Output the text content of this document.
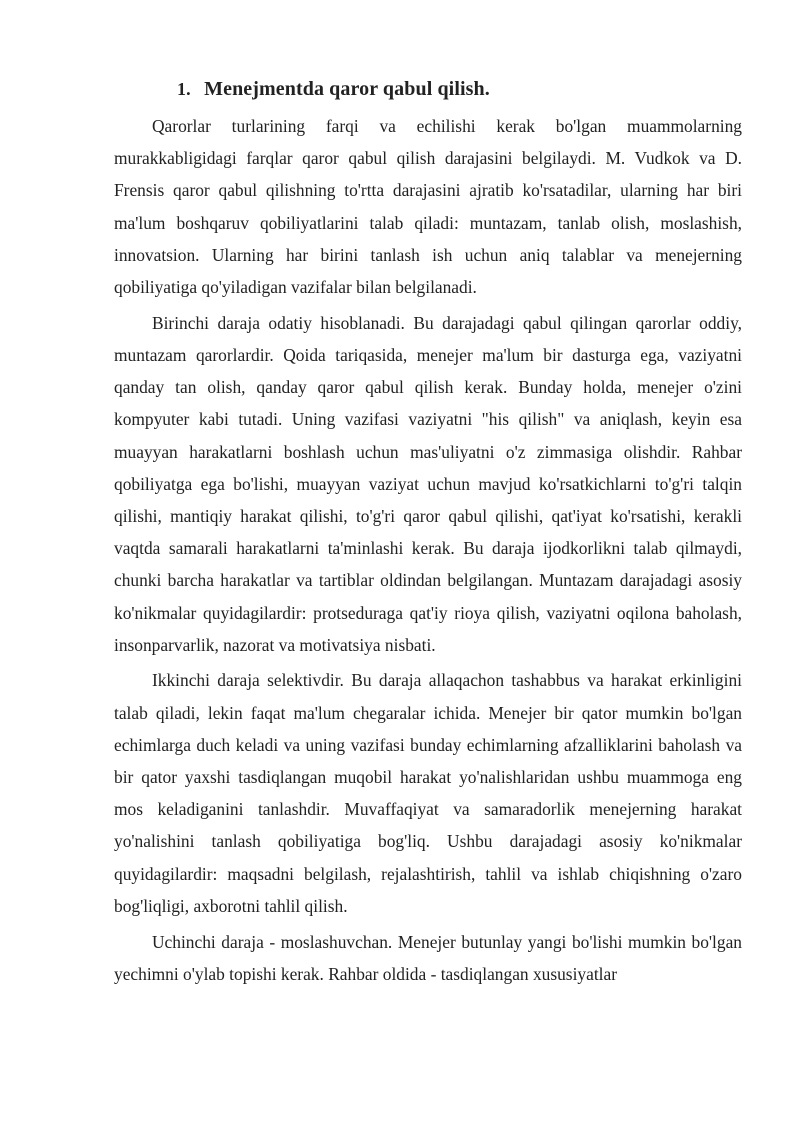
1. Menejmentda qaror qabul qilish.

Qarorlar turlarining farqi va echilishi kerak bo'lgan muammolarning murakkabligidagi farqlar qaror qabul qilish darajasini belgilaydi. M. Vudkok va D. Frensis qaror qabul qilishning to'rtta darajasini ajratib ko'rsatadilar, ularning har biri ma'lum boshqaruv qobiliyatlarini talab qiladi: muntazam, tanlab olish, moslashish, innovatsion. Ularning har birini tanlash ish uchun aniq talablar va menejerning qobiliyatiga qo'yiladigan vazifalar bilan belgilanadi.

Birinchi daraja odatiy hisoblanadi. Bu darajadagi qabul qilingan qarorlar oddiy, muntazam qarorlardir. Qoida tariqasida, menejer ma'lum bir dasturga ega, vaziyatni qanday tan olish, qanday qaror qabul qilish kerak. Bunday holda, menejer o'zini kompyuter kabi tutadi. Uning vazifasi vaziyatni "his qilish" va aniqlash, keyin esa muayyan harakatlarni boshlash uchun mas'uliyatni o'z zimmasiga olishdir. Rahbar qobiliyatga ega bo'lishi, muayyan vaziyat uchun mavjud ko'rsatkichlarni to'g'ri talqin qilishi, mantiqiy harakat qilishi, to'g'ri qaror qabul qilishi, qat'iyat ko'rsatishi, kerakli vaqtda samarali harakatlarni ta'minlashi kerak. Bu daraja ijodkorlikni talab qilmaydi, chunki barcha harakatlar va tartiblar oldindan belgilangan. Muntazam darajadagi asosiy ko'nikmalar quyidagilardir: protseduraga qat'iy rioya qilish, vaziyatni oqilona baholash, insonparvarlik, nazorat va motivatsiya nisbati.

Ikkinchi daraja selektivdir. Bu daraja allaqachon tashabbus va harakat erkinligini talab qiladi, lekin faqat ma'lum chegaralar ichida. Menejer bir qator mumkin bo'lgan echimlarga duch keladi va uning vazifasi bunday echimlarning afzalliklarini baholash va bir qator yaxshi tasdiqlangan muqobil harakat yo'nalishlaridan ushbu muammoga eng mos keladiganini tanlashdir. Muvaffaqiyat va samaradorlik menejerning harakat yo'nalishini tanlash qobiliyatiga bog'liq. Ushbu darajadagi asosiy ko'nikmalar quyidagilardir: maqsadni belgilash, rejalashtirish, tahlil va ishlab chiqishning o'zaro bog'liqligi, axborotni tahlil qilish.

Uchinchi daraja - moslashuvchan. Menejer butunlay yangi bo'lishi mumkin bo'lgan yechimni o'ylab topishi kerak. Rahbar oldida - tasdiqlangan xususiyatlar
